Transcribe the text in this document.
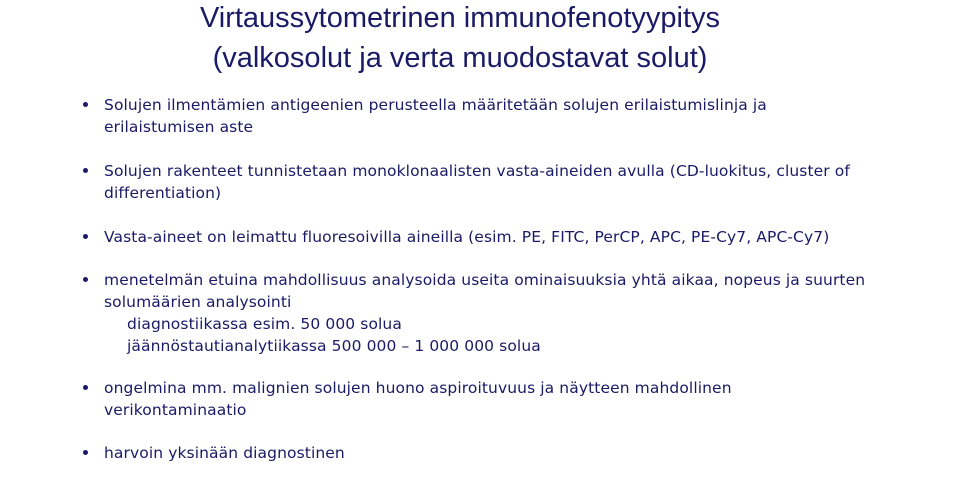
Virtaussytometrinen immunofenotyypitys
(valkosolut ja verta muodostavat solut)
Solujen ilmentämien antigeenien perusteella määritetään solujen erilaistumislinja ja erilaistumisen aste
Solujen rakenteet tunnistetaan monoklonaalisten vasta-aineiden avulla (CD-luokitus, cluster of differentiation)
Vasta-aineet on leimattu fluoresoivilla aineilla (esim. PE, FITC, PerCP, APC, PE-Cy7, APC-Cy7)
menetelmän etuina mahdollisuus analysoida useita ominaisuuksia yhtä aikaa, nopeus ja suurten solumäärien analysointi
diagnostiikassa esim. 50 000 solua
jäännöstautianalytiikassa 500 000 – 1 000 000 solua
ongelmina mm. malignien solujen huono aspiroituvuus ja näytteen mahdollinen verikontaminaatio
harvoin yksinään diagnostinen
